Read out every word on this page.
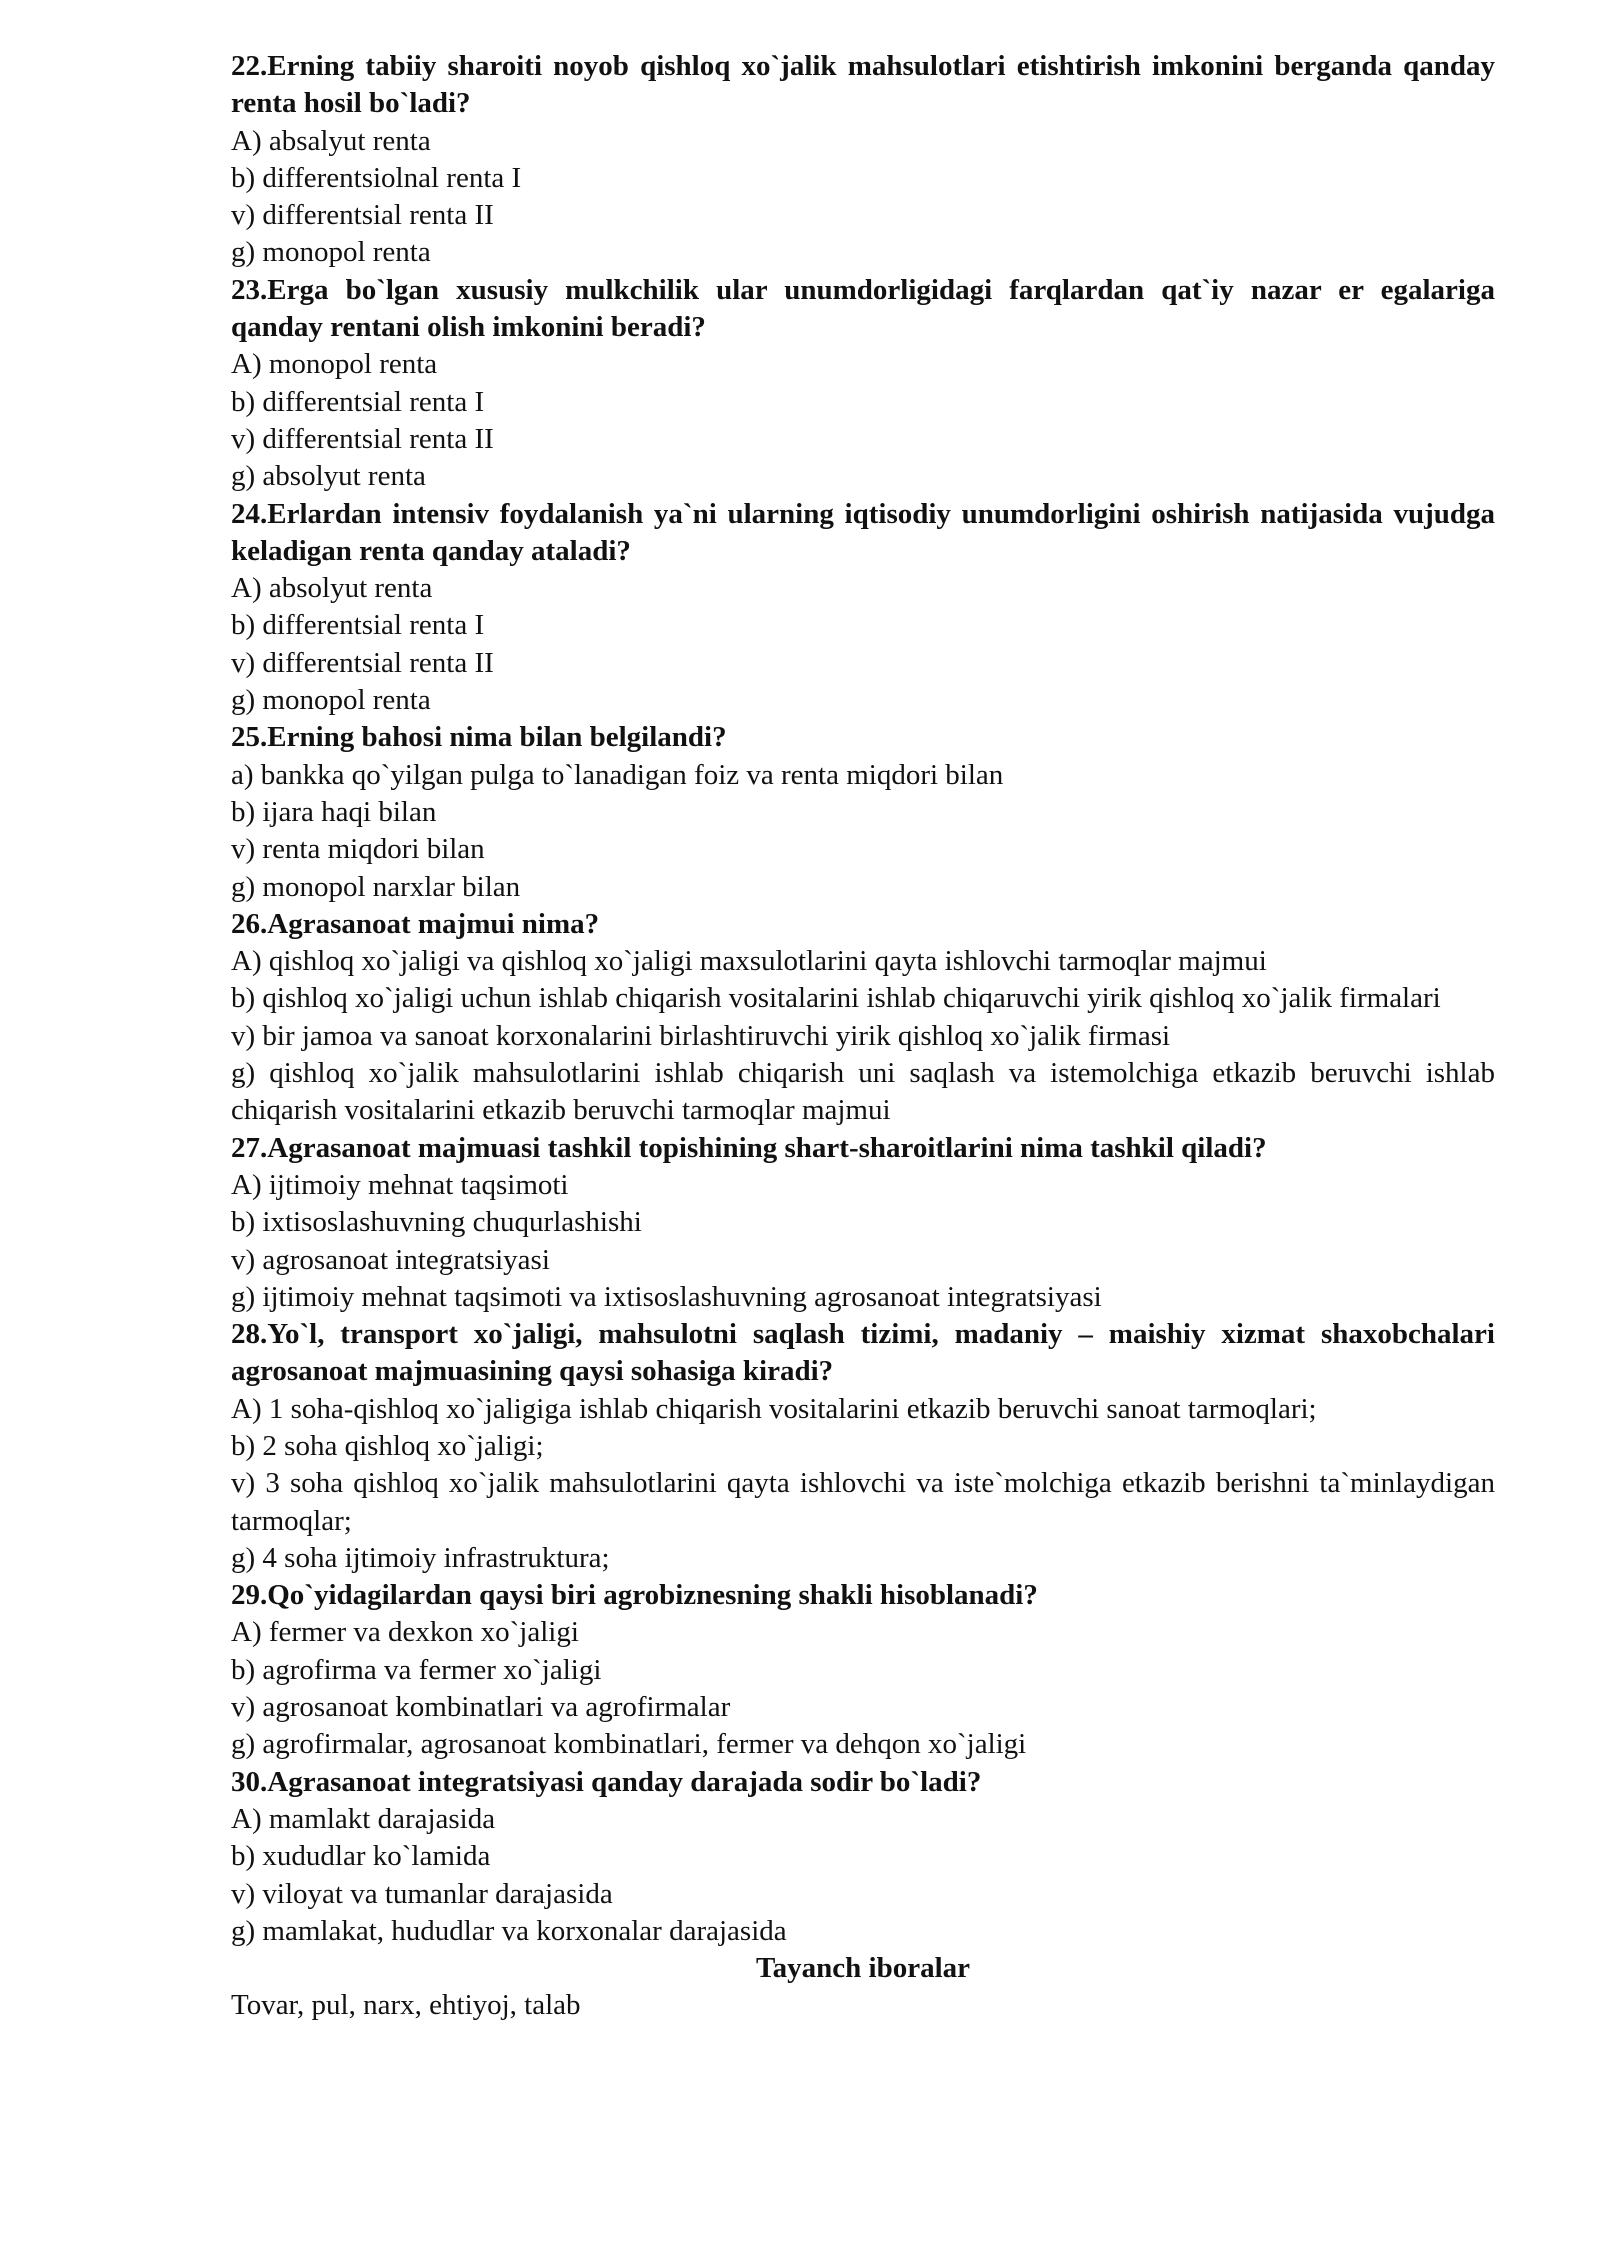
22.Erning tabiiy sharoiti noyob qishloq xo`jalik mahsulotlari etishtirish imkonini berganda qanday renta hosil bo`ladi?

A) absalyut renta

b) differentsiolnal renta I

v) differentsial renta II

g) monopol renta

23.Erga bo`lgan xususiy mulkchilik ular unumdorligidagi farqlardan qat`iy nazar er egalariga qanday rentani olish imkonini beradi?

A) monopol renta

b) differentsial renta I

v) differentsial renta II

g) absolyut renta

24.Erlardan intensiv foydalanish ya`ni ularning iqtisodiy unumdorligini oshirish natijasida vujudga keladigan renta qanday ataladi?

A) absolyut renta

b) differentsial renta I

v) differentsial renta II

g) monopol renta

25.Erning bahosi nima bilan belgilandi?

a) bankka qo`yilgan pulga to`lanadigan foiz va renta miqdori bilan

b) ijara haqi bilan

v) renta miqdori bilan

g) monopol narxlar bilan

26.Agrasanoat majmui nima?

A) qishloq xo`jaligi va qishloq xo`jaligi maxsulotlarini qayta ishlovchi tarmoqlar majmui

b) qishloq xo`jaligi uchun ishlab chiqarish vositalarini ishlab chiqaruvchi yirik qishloq xo`jalik firmalari

v) bir jamoa va sanoat korxonalarini birlashtiruvchi yirik qishloq xo`jalik firmasi

g) qishloq xo`jalik mahsulotlarini ishlab chiqarish uni saqlash va istemolchiga etkazib beruvchi ishlab chiqarish vositalarini etkazib beruvchi tarmoqlar majmui

27.Agrasanoat majmuasi tashkil topishining shart-sharoitlarini nima tashkil qiladi?

A) ijtimoiy mehnat taqsimoti

b) ixtisoslashuvning chuqurlashishi

v) agrosanoat integratsiyasi

g) ijtimoiy mehnat taqsimoti va ixtisoslashuvning agrosanoat integratsiyasi

28.Yo`l, transport xo`jaligi, mahsulotni saqlash tizimi, madaniy – maishiy xizmat shaxobchalari agrosanoat majmuasining qaysi sohasiga kiradi?

A) 1 soha-qishloq xo`jaligiga ishlab chiqarish vositalarini etkazib beruvchi sanoat tarmoqlari;

b) 2 soha qishloq xo`jaligi;

v) 3 soha qishloq xo`jalik mahsulotlarini qayta ishlovchi va iste`molchiga etkazib berishni ta`minlaydigan tarmoqlar;

g) 4 soha ijtimoiy infrastruktura;

29.Qo`yidagilardan qaysi biri agrobiznesning shakli hisoblanadi?

A) fermer va dexkon xo`jaligi

b) agrofirma va fermer xo`jaligi

v) agrosanoat kombinatlari va agrofirmalar

g) agrofirmalar, agrosanoat kombinatlari, fermer va dehqon xo`jaligi

30.Agrasanoat integratsiyasi qanday darajada sodir bo`ladi?

A) mamlakt darajasida

b) xududlar ko`lamida

v) viloyat va tumanlar darajasida

g) mamlakat, hududlar va korxonalar darajasida

Tayanch iboralar

Tovar, pul, narx, ehtiyoj, talab
